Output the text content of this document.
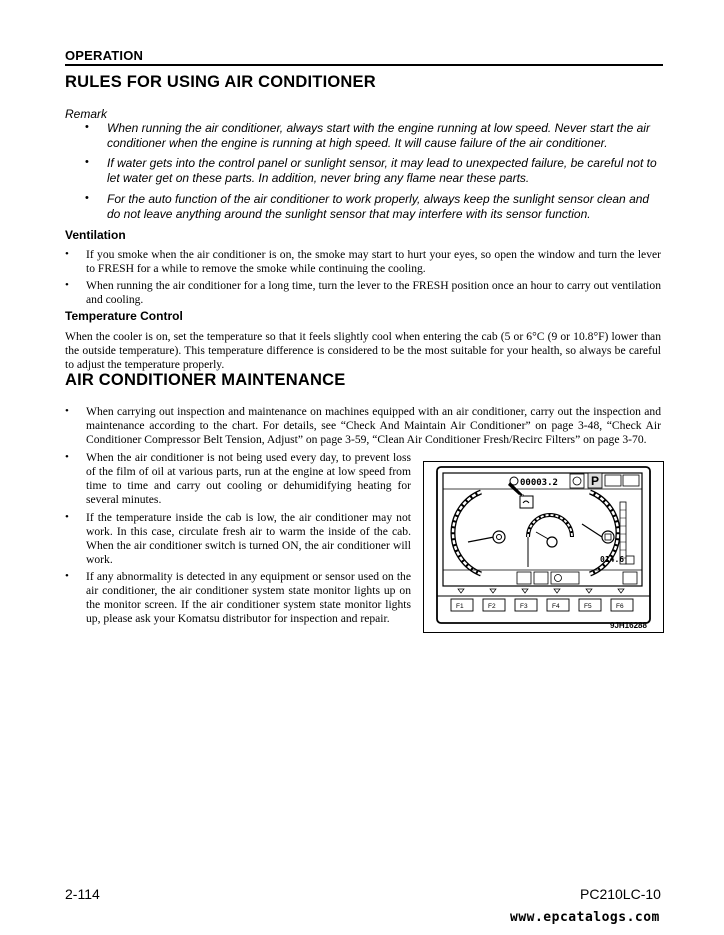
OPERATION
RULES FOR USING AIR CONDITIONER
Remark
• When running the air conditioner, always start with the engine running at low speed. Never start the air conditioner when the engine is running at high speed. It will cause failure of the air conditioner.
• If water gets into the control panel or sunlight sensor, it may lead to unexpected failure, be careful not to let water get on these parts. In addition, never bring any flame near these parts.
• For the auto function of the air conditioner to work properly, always keep the sunlight sensor clean and do not leave anything around the sunlight sensor that may interfere with its sensor function.
Ventilation
• If you smoke when the air conditioner is on, the smoke may start to hurt your eyes, so open the window and turn the lever to FRESH for a while to remove the smoke while continuing the cooling.
• When running the air conditioner for a long time, turn the lever to the FRESH position once an hour to carry out ventilation and cooling.
Temperature Control
When the cooler is on, set the temperature so that it feels slightly cool when entering the cab (5 or 6°C (9 or 10.8°F) lower than the outside temperature). This temperature difference is considered to be the most suitable for your health, so always be careful to adjust the temperature properly.
AIR CONDITIONER MAINTENANCE
• When carrying out inspection and maintenance on machines equipped with an air conditioner, carry out the inspection and maintenance according to the chart. For details, see “Check And Maintain Air Conditioner” on page 3-48, “Check Air Conditioner Compressor Belt Tension, Adjust” on page 3-59, “Clean Air Conditioner Fresh/Recirc Filters” on page 3-70.
• When the air conditioner is not being used every day, to prevent loss of the film of oil at various parts, run at the engine at low speed from time to time and carry out cooling or dehumidifying heating for several minutes.
• If the temperature inside the cab is low, the air conditioner may not work. In this case, circulate fresh air to warm the inside of the cab. When the air conditioner switch is turned ON, the air conditioner will work.
• If any abnormality is detected in any equipment or sensor used on the air conditioner, the air conditioner system state monitor lights up on the monitor screen. If the air conditioner system state monitor lights up, please ask your Komatsu distributor for inspection and repair.
00003.2	P
014.6
F1	F2	F3	F4	F5	F6
9JH16288
2-114	PC210LC-10
www.epcatalogs.com
